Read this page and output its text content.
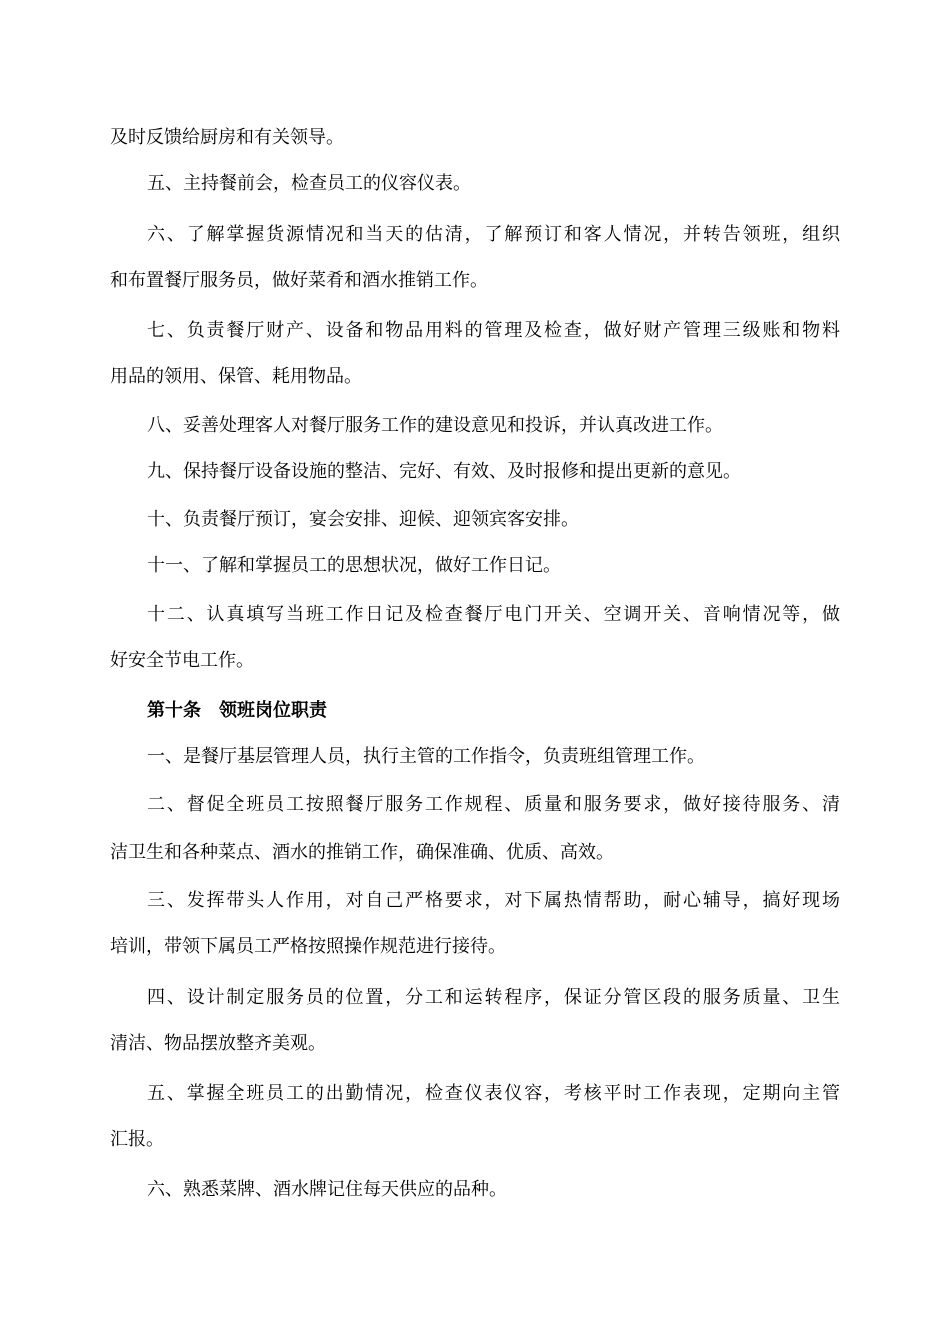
及时反馈给厨房和有关领导。
五、主持餐前会，检查员工的仪容仪表。
六、了解掌握货源情况和当天的估清，了解预订和客人情况，并转告领班，组织
和布置餐厅服务员，做好菜肴和酒水推销工作。
七、负责餐厅财产、设备和物品用料的管理及检查，做好财产管理三级账和物料
用品的领用、保管、耗用物品。
八、妥善处理客人对餐厅服务工作的建设意见和投诉，并认真改进工作。
九、保持餐厅设备设施的整洁、完好、有效、及时报修和提出更新的意见。
十、负责餐厅预订，宴会安排、迎候、迎领宾客安排。
十一、了解和掌握员工的思想状况，做好工作日记。
十二、认真填写当班工作日记及检查餐厅电门开关、空调开关、音响情况等，做
好安全节电工作。
第十条　领班岗位职责
一、是餐厅基层管理人员，执行主管的工作指令，负责班组管理工作。
二、督促全班员工按照餐厅服务工作规程、质量和服务要求，做好接待服务、清
洁卫生和各种菜点、酒水的推销工作，确保准确、优质、高效。
三、发挥带头人作用，对自己严格要求，对下属热情帮助，耐心辅导，搞好现场
培训，带领下属员工严格按照操作规范进行接待。
四、设计制定服务员的位置，分工和运转程序，保证分管区段的服务质量、卫生
清洁、物品摆放整齐美观。
五、掌握全班员工的出勤情况，检查仪表仪容，考核平时工作表现，定期向主管
汇报。
六、熟悉菜牌、酒水牌记住每天供应的品种。
